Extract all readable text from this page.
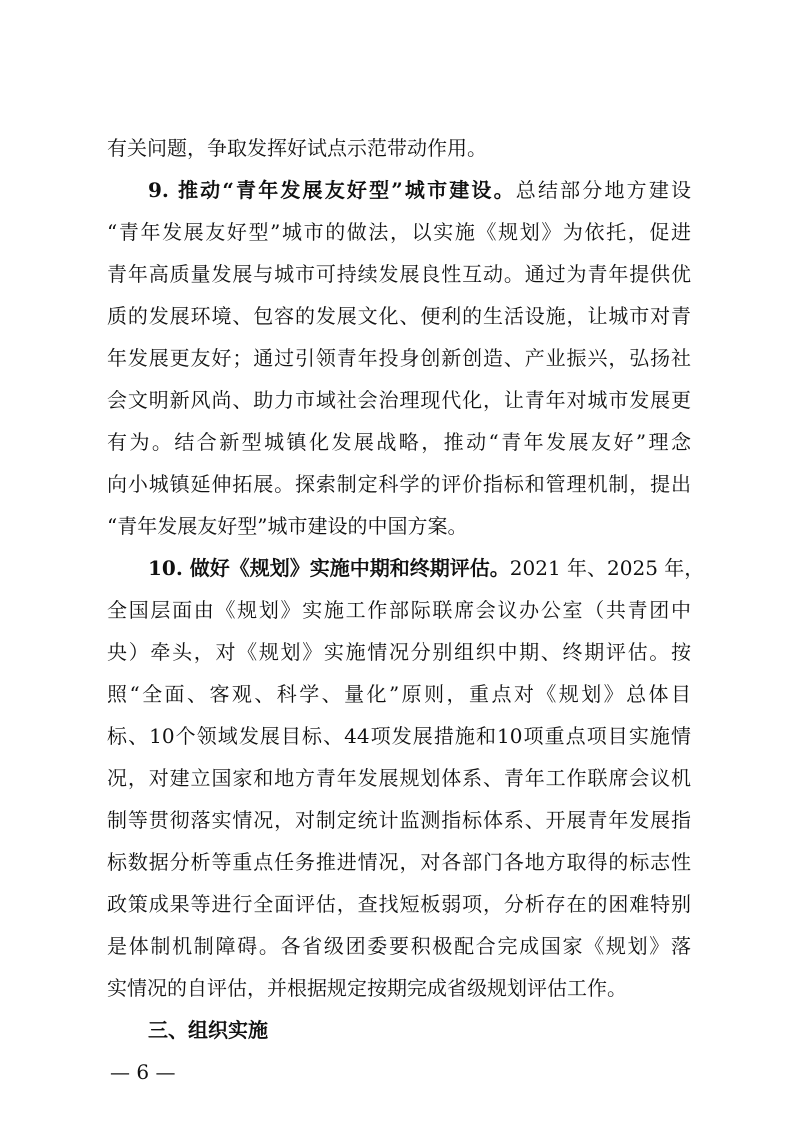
有关问题，争取发挥好试点示范带动作用。
9. 推动“青年发展友好型”城市建设。总结部分地方建设
“青年发展友好型”城市的做法，以实施《规划》为依托，促进
青年高质量发展与城市可持续发展良性互动。通过为青年提供优
质的发展环境、包容的发展文化、便利的生活设施，让城市对青
年发展更友好；通过引领青年投身创新创造、产业振兴，弘扬社
会文明新风尚、助力市域社会治理现代化，让青年对城市发展更
有为。结合新型城镇化发展战略，推动“青年发展友好”理念
向小城镇延伸拓展。探索制定科学的评价指标和管理机制，提出
“青年发展友好型”城市建设的中国方案。
10. 做好《规划》实施中期和终期评估。2021 年、2025 年，
全国层面由《规划》实施工作部际联席会议办公室（共青团中
央）牵头，对《规划》实施情况分别组织中期、终期评估。按
照“全面、客观、科学、量化”原则，重点对《规划》总体目
标、10个领域发展目标、44项发展措施和10项重点项目实施情
况，对建立国家和地方青年发展规划体系、青年工作联席会议机
制等贯彻落实情况，对制定统计监测指标体系、开展青年发展指
标数据分析等重点任务推进情况，对各部门各地方取得的标志性
政策成果等进行全面评估，查找短板弱项，分析存在的困难特别
是体制机制障碍。各省级团委要积极配合完成国家《规划》落
实情况的自评估，并根据规定按期完成省级规划评估工作。
三、组织实施
— 6 —
